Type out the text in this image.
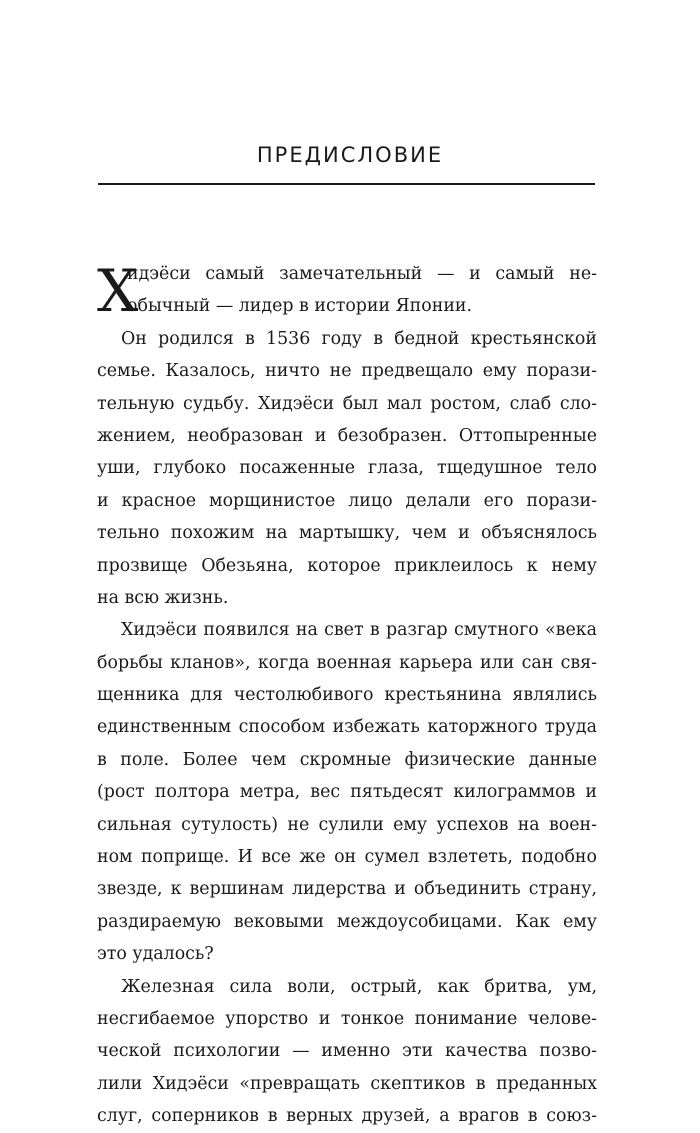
ПРЕДИСЛОВИЕ
Х
идэёси самый замечательный — и самый не-
обычный — лидер в истории Японии.
Он родился в 1536 году в бедной крестьянской
семье. Казалось, ничто не предвещало ему порази-
тельную судьбу. Хидэёси был мал ростом, слаб сло-
жением, необразован и безобразен. Оттопыренные
уши, глубоко посаженные глаза, тщедушное тело
и красное морщинистое лицо делали его порази-
тельно похожим на мартышку, чем и объяснялось
прозвище Обезьяна, которое приклеилось к нему
на всю жизнь.
Хидэёси появился на свет в разгар смутного «века
борьбы кланов», когда военная карьера или сан свя-
щенника для честолюбивого крестьянина являлись
единственным способом избежать каторжного труда
в поле. Более чем скромные физические данные
(рост полтора метра, вес пятьдесят килограммов и
сильная сутулость) не сулили ему успехов на воен-
ном поприще. И все же он сумел взлететь, подобно
звезде, к вершинам лидерства и объединить страну,
раздираемую вековыми междоусобицами. Как ему
это удалось?
Железная сила воли, острый, как бритва, ум,
несгибаемое упорство и тонкое понимание челове-
ческой психологии — именно эти качества позво-
лили Хидэёси «превращать скептиков в преданных
слуг, соперников в верных друзей, а врагов в союз-
